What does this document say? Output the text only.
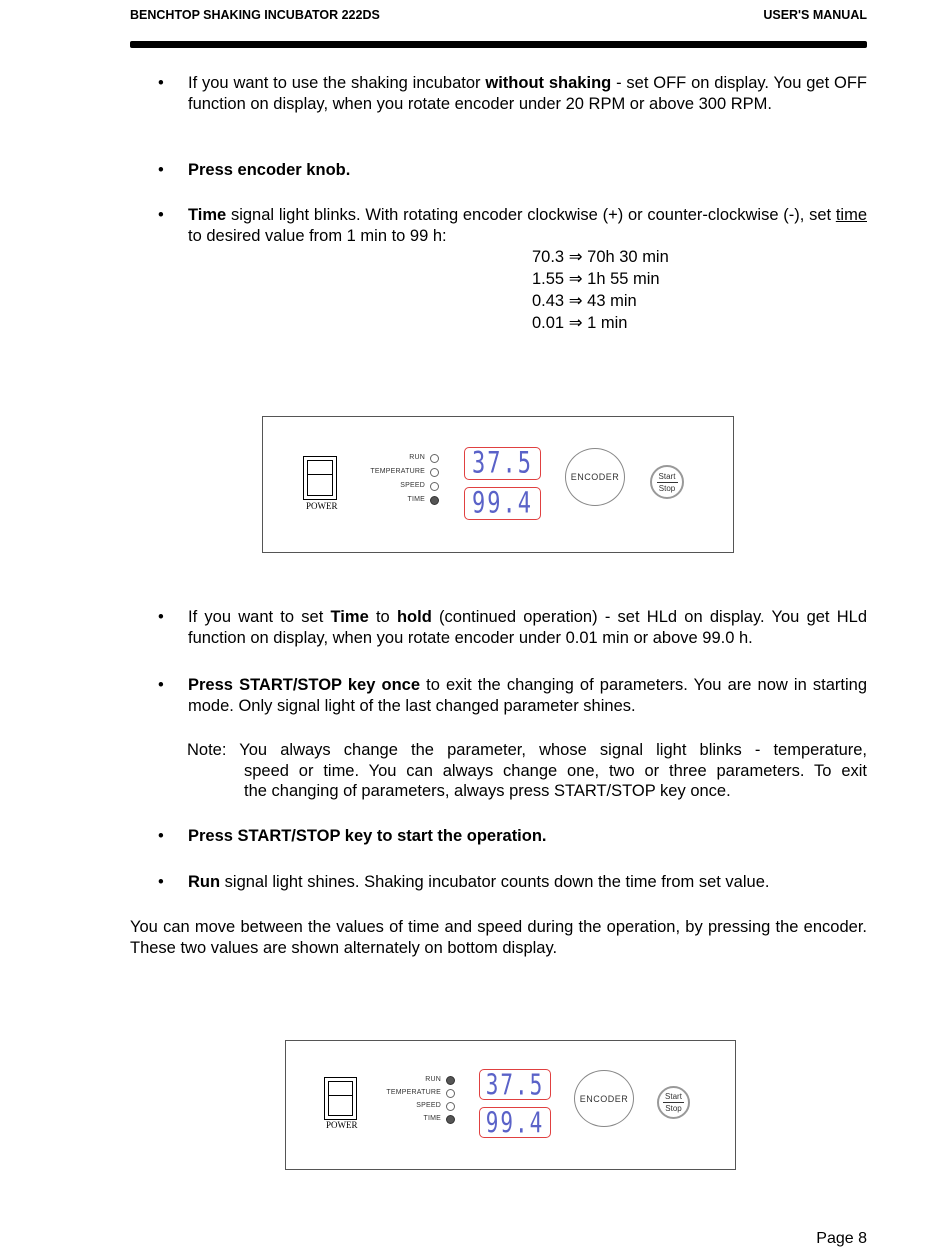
BENCHTOP SHAKING INCUBATOR 222DS	USER'S MANUAL
• If you want to use the shaking incubator without shaking - set OFF on display. You get OFF function on display, when you rotate encoder under 20 RPM or above 300 RPM.
• Press encoder knob.
• Time signal light blinks. With rotating encoder clockwise (+) or counter-clockwise (-), set time to desired value from 1 min to 99 h:
70.3 ⇒ 70h 30 min
1.55 ⇒ 1h 55 min
0.43 ⇒ 43 min
0.01 ⇒ 1 min
POWER
RUN
TEMPERATURE
SPEED
TIME
37.5
99.4
ENCODER	Start
Stop
• If you want to set Time to hold (continued operation) - set HLd on display. You get HLd function on display, when you rotate encoder under 0.01 min or above 99.0 h.
• Press START/STOP key once to exit the changing of parameters. You are now in starting mode. Only signal light of the last changed parameter shines.
Note: You always change the parameter, whose signal light blinks - temperature,
speed or time. You can always change one, two or three parameters. To exit
the changing of parameters, always press START/STOP key once.
• Press START/STOP key to start the operation.
• Run signal light shines. Shaking incubator counts down the time from set value.
You can move between the values of time and speed during the operation, by pressing the encoder. These two values are shown alternately on bottom display.
POWER
RUN
TEMPERATURE
SPEED
TIME
37.5
99.4
ENCODER	Start
Stop
Page 8
